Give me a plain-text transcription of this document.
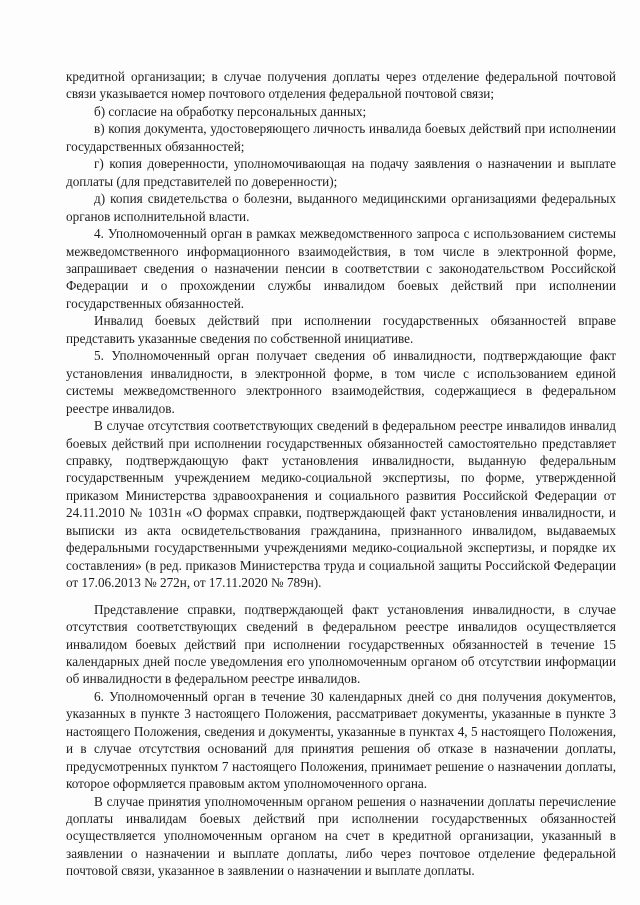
кредитной организации; в случае получения доплаты через отделение федеральной почтовой связи указывается номер почтового отделения федеральной почтовой связи;

б) согласие на обработку персональных данных;

в) копия документа, удостоверяющего личность инвалида боевых действий при исполнении государственных обязанностей;

г) копия доверенности, уполномочивающая на подачу заявления о назначении и выплате доплаты (для представителей по доверенности);

д) копия свидетельства о болезни, выданного медицинскими организациями федеральных органов исполнительной власти.

4. Уполномоченный орган в рамках межведомственного запроса с использованием системы межведомственного информационного взаимодействия, в том числе в электронной форме, запрашивает сведения о назначении пенсии в соответствии с законодательством Российской Федерации и о прохождении службы инвалидом боевых действий при исполнении государственных обязанностей.

Инвалид боевых действий при исполнении государственных обязанностей вправе представить указанные сведения по собственной инициативе.

5. Уполномоченный орган получает сведения об инвалидности, подтверждающие факт установления инвалидности, в электронной форме, в том числе с использованием единой системы межведомственного электронного взаимодействия, содержащиеся в федеральном реестре инвалидов.

В случае отсутствия соответствующих сведений в федеральном реестре инвалидов инвалид боевых действий при исполнении государственных обязанностей самостоятельно представляет справку, подтверждающую факт установления инвалидности, выданную федеральным государственным учреждением медико-социальной экспертизы, по форме, утвержденной приказом Министерства здравоохранения и социального развития Российской Федерации от 24.11.2010 № 1031н «О формах справки, подтверждающей факт установления инвалидности, и выписки из акта освидетельствования гражданина, признанного инвалидом, выдаваемых федеральными государственными учреждениями медико-социальной экспертизы, и порядке их составления» (в ред. приказов Министерства труда и социальной защиты Российской Федерации от 17.06.2013 № 272н, от 17.11.2020 № 789н).

Представление справки, подтверждающей факт установления инвалидности, в случае отсутствия соответствующих сведений в федеральном реестре инвалидов осуществляется инвалидом боевых действий при исполнении государственных обязанностей в течение 15 календарных дней после уведомления его уполномоченным органом об отсутствии информации об инвалидности в федеральном реестре инвалидов.

6. Уполномоченный орган в течение 30 календарных дней со дня получения документов, указанных в пункте 3 настоящего Положения, рассматривает документы, указанные в пункте 3 настоящего Положения, сведения и документы, указанные в пунктах 4, 5 настоящего Положения, и в случае отсутствия оснований для принятия решения об отказе в назначении доплаты, предусмотренных пунктом 7 настоящего Положения, принимает решение о назначении доплаты, которое оформляется правовым актом уполномоченного органа.

В случае принятия уполномоченным органом решения о назначении доплаты перечисление доплаты инвалидам боевых действий при исполнении государственных обязанностей осуществляется уполномоченным органом на счет в кредитной организации, указанный в заявлении о назначении и выплате доплаты, либо через почтовое отделение федеральной почтовой связи, указанное в заявлении о назначении и выплате доплаты.
